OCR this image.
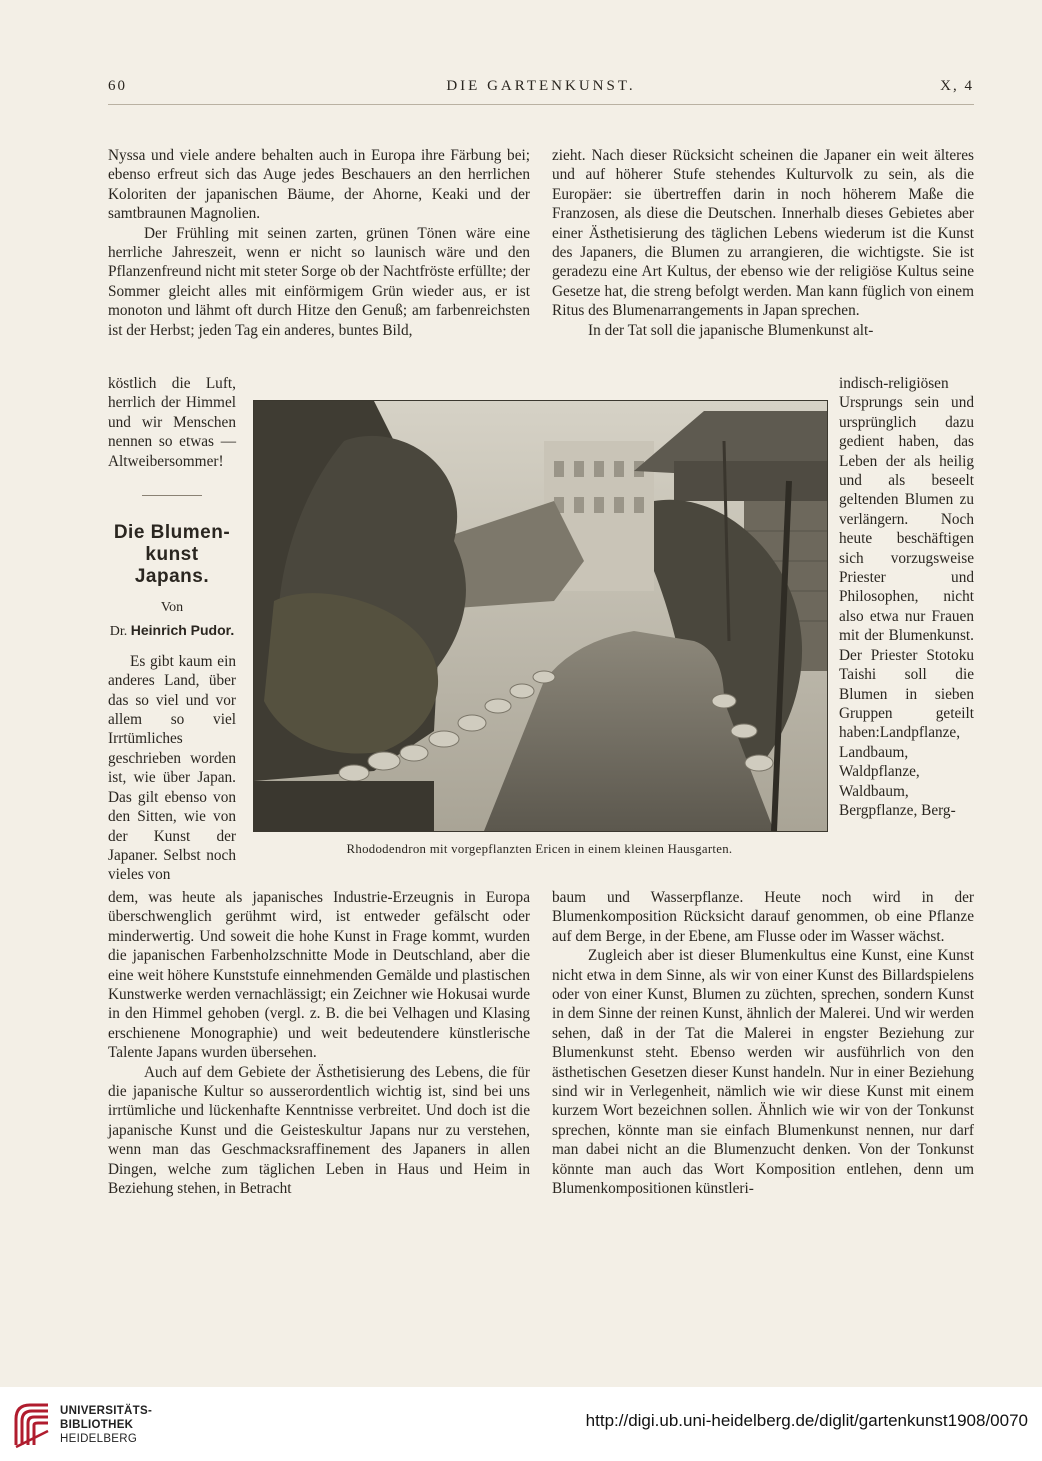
60	DIE GARTENKUNST.	X, 4

Nyssa und viele andere behalten auch in Europa ihre Färbung bei; ebenso erfreut sich das Auge jedes Beschauers an den herrlichen Koloriten der japanischen Bäume, der Ahorne, Keaki und der samtbraunen Magnolien.

Der Frühling mit seinen zarten, grünen Tönen wäre eine herrliche Jahreszeit, wenn er nicht so launisch wäre und den Pflanzenfreund nicht mit steter Sorge ob der Nachtfröste erfüllte; der Sommer gleicht alles mit einförmigem Grün wieder aus, er ist monoton und lähmt oft durch Hitze den Genuß; am farbenreichsten ist der Herbst; jeden Tag ein anderes, buntes Bild,

köstlich die Luft, herrlich der Himmel und wir Menschen nennen so etwas — Altweibersommer!

Die Blumen-
kunst Japans.
Von
Dr. Heinrich Pudor.

Es gibt kaum ein anderes Land, über das so viel und vor allem so viel Irrtümliches geschrieben worden ist, wie über Japan. Das gilt ebenso von den Sitten, wie von der Kunst der Japaner. Selbst noch vieles von

Rhododendron mit vorgepflanzten Ericen in einem kleinen Hausgarten.

zieht. Nach dieser Rücksicht scheinen die Japaner ein weit älteres und auf höherer Stufe stehendes Kulturvolk zu sein, als die Europäer: sie übertreffen darin in noch höherem Maße die Franzosen, als diese die Deutschen. Innerhalb dieses Gebietes aber einer Ästhetisierung des täglichen Lebens wiederum ist die Kunst des Japaners, die Blumen zu arrangieren, die wichtigste. Sie ist geradezu eine Art Kultus, der ebenso wie der religiöse Kultus seine Gesetze hat, die streng befolgt werden. Man kann füglich von einem Ritus des Blumenarrangements in Japan sprechen.

In der Tat soll die japanische Blumenkunst alt-

indisch-religiösen Ursprungs sein und ursprünglich dazu gedient haben, das Leben der als heilig und als beseelt geltenden Blumen zu verlängern. Noch heute beschäftigen sich vorzugsweise Priester und Philosophen, nicht also etwa nur Frauen mit der Blumenkunst. Der Priester Stotoku Taishi soll die Blumen in sieben Gruppen geteilt haben:Landpflanze, Landbaum, Waldpflanze, Waldbaum, Bergpflanze, Berg-

dem, was heute als japanisches Industrie-Erzeugnis in Europa überschwenglich gerühmt wird, ist entweder gefälscht oder minderwertig. Und soweit die hohe Kunst in Frage kommt, wurden die japanischen Farbenholzschnitte Mode in Deutschland, aber die eine weit höhere Kunststufe einnehmenden Gemälde und plastischen Kunstwerke werden vernachlässigt; ein Zeichner wie Hokusai wurde in den Himmel gehoben (vergl. z. B. die bei Velhagen und Klasing erschienene Monographie) und weit bedeutendere künstlerische Talente Japans wurden übersehen.

Auch auf dem Gebiete der Ästhetisierung des Lebens, die für die japanische Kultur so ausserordentlich wichtig ist, sind bei uns irrtümliche und lückenhafte Kenntnisse verbreitet. Und doch ist die japanische Kunst und die Geisteskultur Japans nur zu verstehen, wenn man das Geschmacksraffinement des Japaners in allen Dingen, welche zum täglichen Leben in Haus und Heim in Beziehung stehen, in Betracht

baum und Wasserpflanze. Heute noch wird in der Blumenkomposition Rücksicht darauf genommen, ob eine Pflanze auf dem Berge, in der Ebene, am Flusse oder im Wasser wächst.

Zugleich aber ist dieser Blumenkultus eine Kunst, eine Kunst nicht etwa in dem Sinne, als wir von einer Kunst des Billardspielens oder von einer Kunst, Blumen zu züchten, sprechen, sondern Kunst in dem Sinne der reinen Kunst, ähnlich der Malerei. Und wir werden sehen, daß in der Tat die Malerei in engster Beziehung zur Blumenkunst steht. Ebenso werden wir ausführlich von den ästhetischen Gesetzen dieser Kunst handeln. Nur in einer Beziehung sind wir in Verlegenheit, nämlich wie wir diese Kunst mit einem kurzem Wort bezeichnen sollen. Ähnlich wie wir von der Tonkunst sprechen, könnte man sie einfach Blumenkunst nennen, nur darf man dabei nicht an die Blumenzucht denken. Von der Tonkunst könnte man auch das Wort Komposition entlehen, denn um Blumenkompositionen künstleri-

UNIVERSITÄTS-
BIBLIOTHEK
HEIDELBERG
http://digi.ub.uni-heidelberg.de/diglit/gartenkunst1908/0070
